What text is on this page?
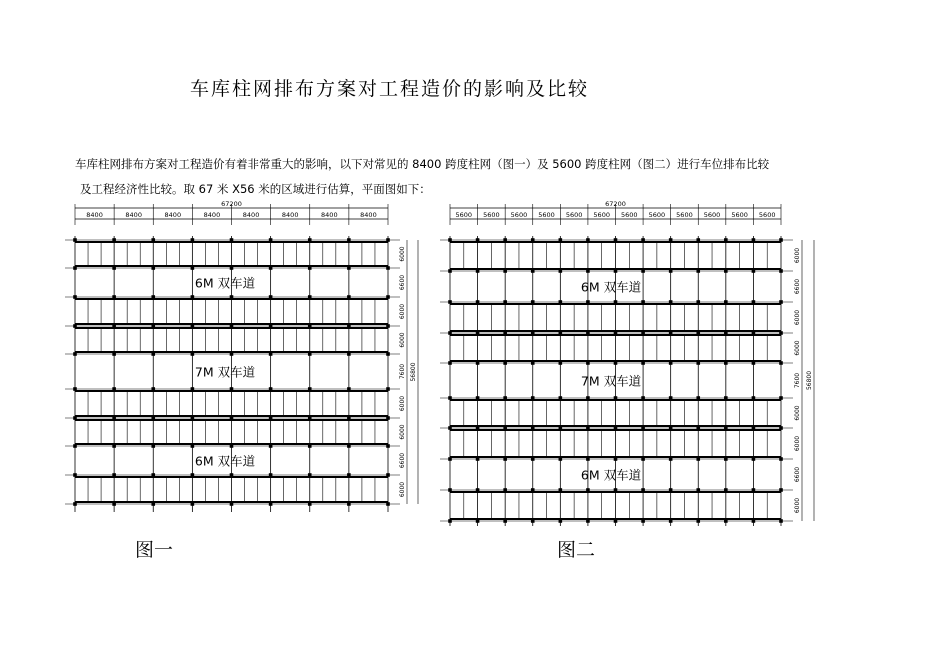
车库柱网排布方案对工程造价的影响及比较
车库柱网排布方案对工程造价有着非常重大的影响，以下对常见的 8400 跨度柱网（图一）及 5600 跨度柱网（图二）进行车位排布比较
及工程经济性比较。取 67 米 X56 米的区域进行估算，平面图如下：
67200
8400	8400	8400	8400	8400	8400	8400	8400
6M 双车道
7M 双车道
6M 双车道
6000
6600
6000
6000
7600
6000
6000
6600
6000
56800
67200
5600 5600 5600 5600 5600 5600 5600 5600 5600 5600 5600 5600
6M 双车道
7M 双车道
6M 双车道
6000
6600
6000
6000
7600
6000
6000
6600
6000
56800
图一	图二
